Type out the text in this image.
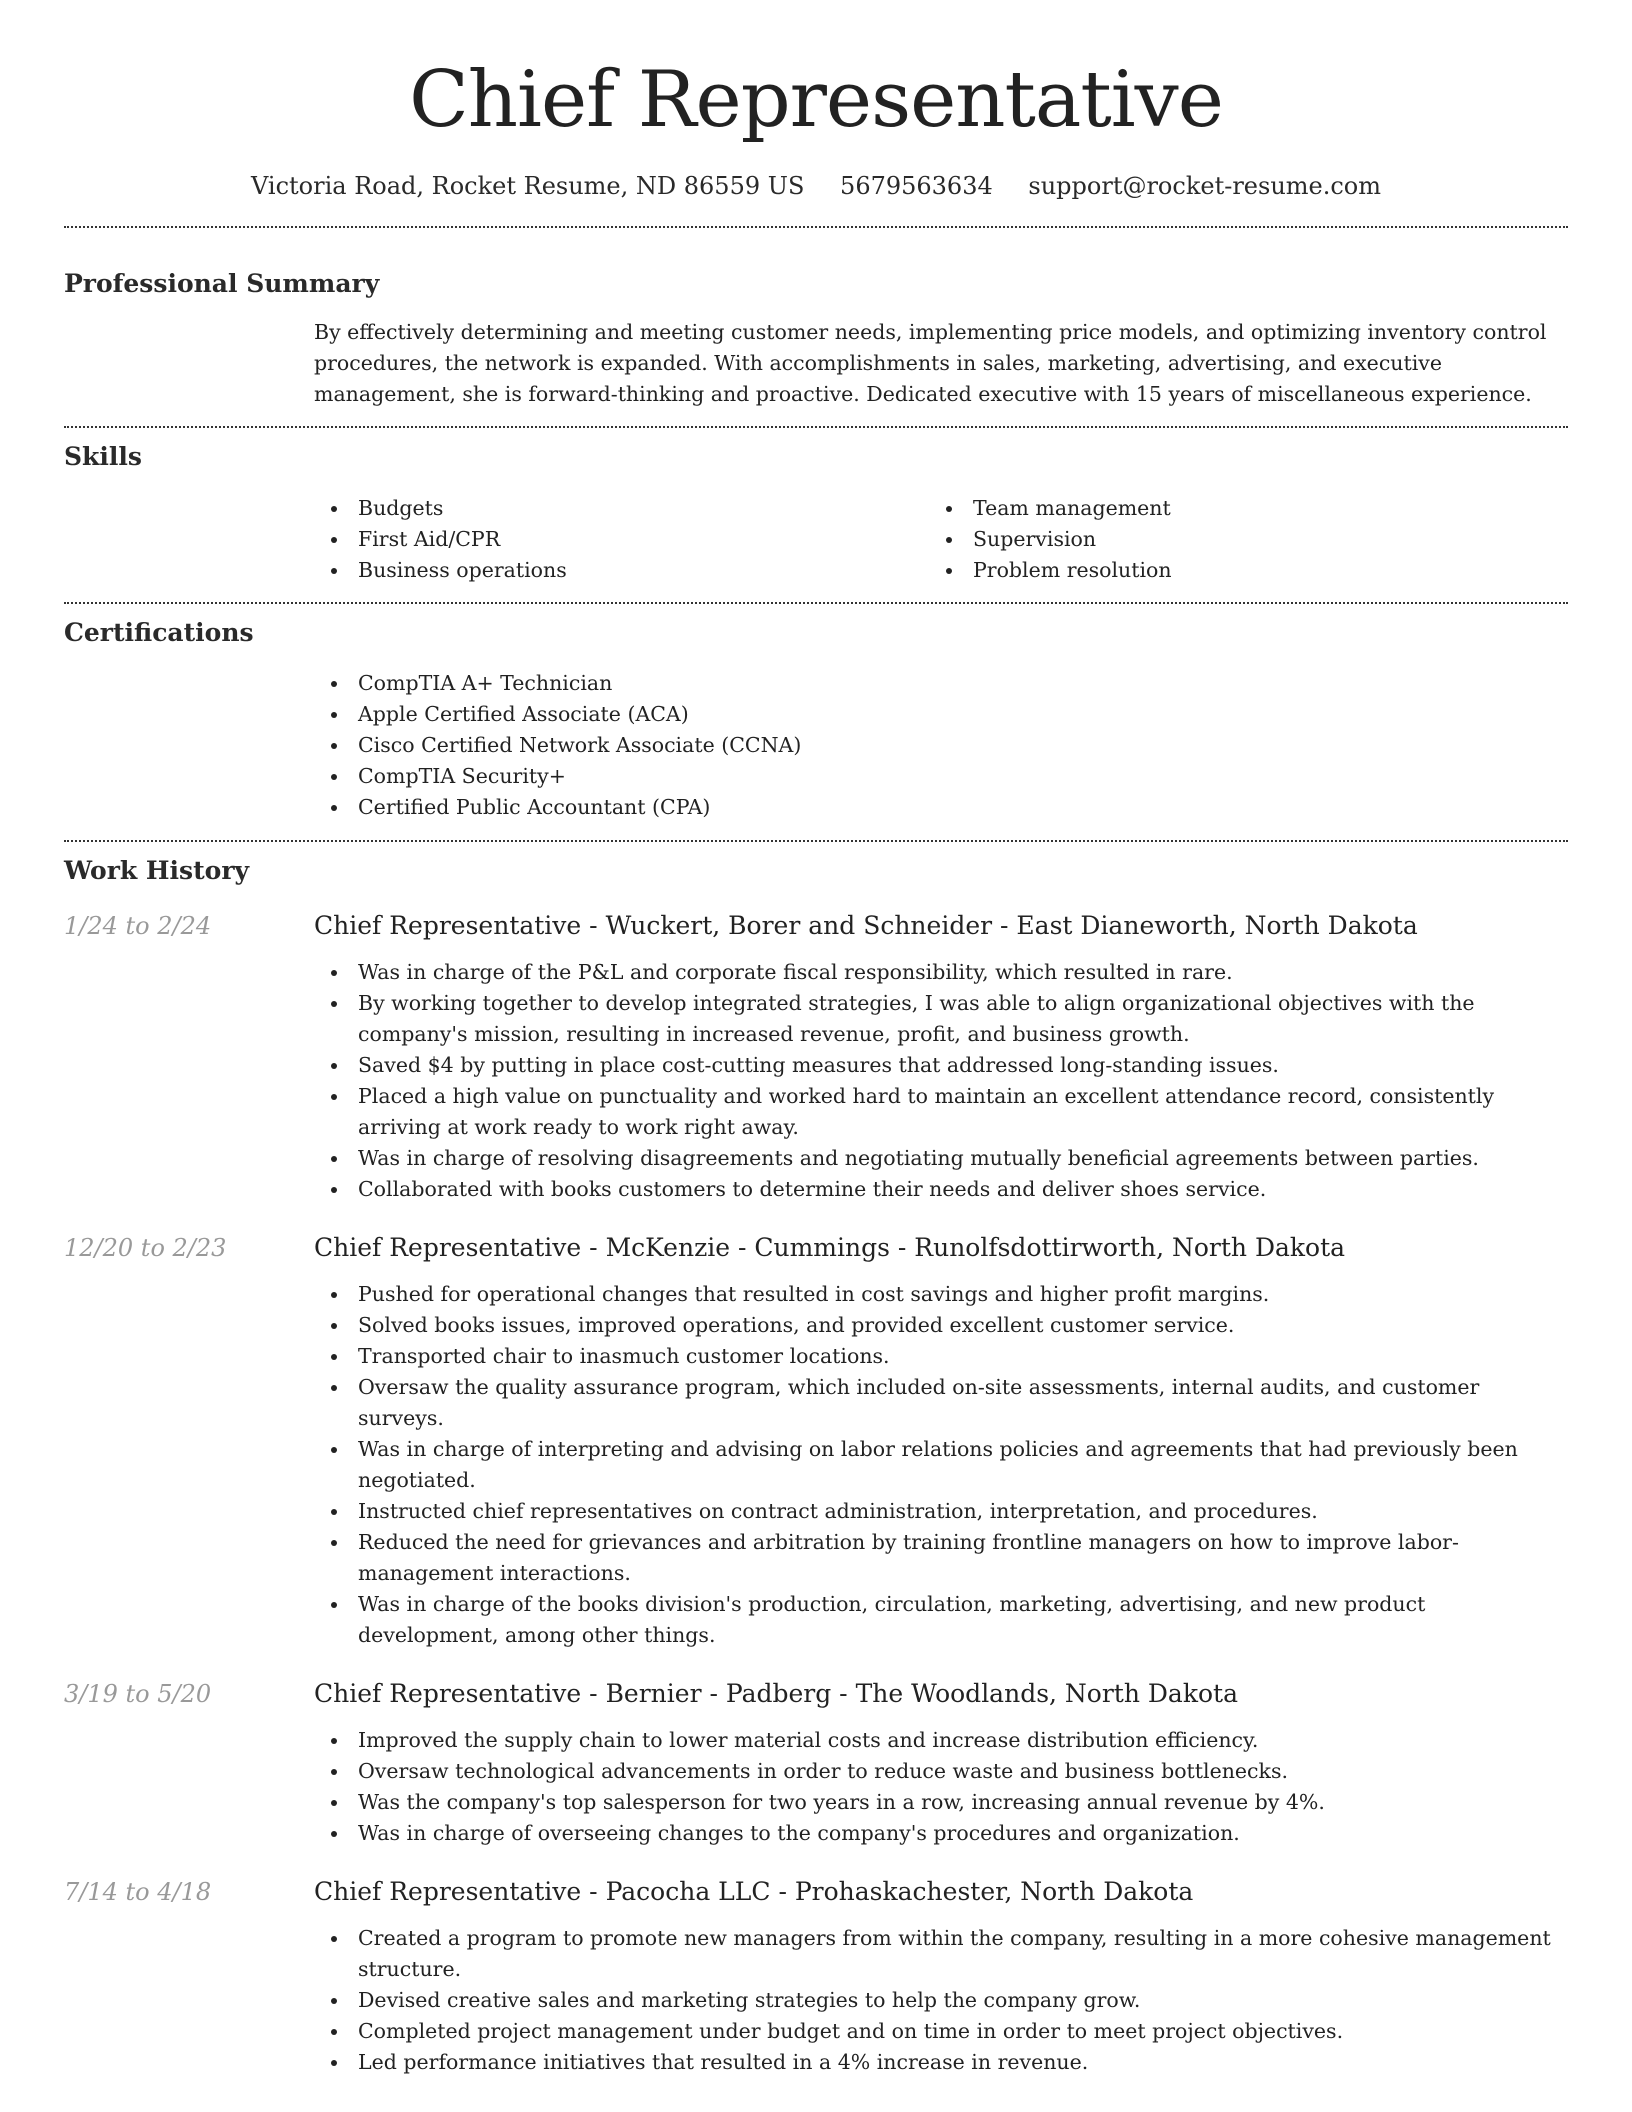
Chief Representative
Victoria Road, Rocket Resume, ND 86559 US 5679563634 support@rocket-resume.com
Professional Summary

By effectively determining and meeting customer needs, implementing price models, and optimizing inventory control procedures, the network is expanded. With accomplishments in sales, marketing, advertising, and executive management, she is forward-thinking and proactive. Dedicated executive with 15 years of miscellaneous experience.

Skills
Budgets
First Aid/CPR
Business operations
Team management
Supervision
Problem resolution
Certifications
CompTIA A+ Technician
Apple Certified Associate (ACA)
Cisco Certified Network Associate (CCNA)
CompTIA Security+
Certified Public Accountant (CPA)
Work History
1/24 to 2/24	Chief Representative - Wuckert, Borer and Schneider - East Dianeworth, North Dakota
Was in charge of the P&L and corporate fiscal responsibility, which resulted in rare.
By working together to develop integrated strategies, I was able to align organizational objectives with the company's mission, resulting in increased revenue, profit, and business growth.
Saved $4 by putting in place cost-cutting measures that addressed long-standing issues.
Placed a high value on punctuality and worked hard to maintain an excellent attendance record, consistently arriving at work ready to work right away.
Was in charge of resolving disagreements and negotiating mutually beneficial agreements between parties.
Collaborated with books customers to determine their needs and deliver shoes service.
12/20 to 2/23	Chief Representative - McKenzie - Cummings - Runolfsdottirworth, North Dakota
Pushed for operational changes that resulted in cost savings and higher profit margins.
Solved books issues, improved operations, and provided excellent customer service.
Transported chair to inasmuch customer locations.
Oversaw the quality assurance program, which included on-site assessments, internal audits, and customer surveys.
Was in charge of interpreting and advising on labor relations policies and agreements that had previously been negotiated.
Instructed chief representatives on contract administration, interpretation, and procedures.
Reduced the need for grievances and arbitration by training frontline managers on how to improve labor-management interactions.
Was in charge of the books division's production, circulation, marketing, advertising, and new product development, among other things.
3/19 to 5/20	Chief Representative - Bernier - Padberg - The Woodlands, North Dakota
Improved the supply chain to lower material costs and increase distribution efficiency.
Oversaw technological advancements in order to reduce waste and business bottlenecks.
Was the company's top salesperson for two years in a row, increasing annual revenue by 4%.
Was in charge of overseeing changes to the company's procedures and organization.
7/14 to 4/18	Chief Representative - Pacocha LLC - Prohaskachester, North Dakota
Created a program to promote new managers from within the company, resulting in a more cohesive management structure.
Devised creative sales and marketing strategies to help the company grow.
Completed project management under budget and on time in order to meet project objectives.
Led performance initiatives that resulted in a 4% increase in revenue.
